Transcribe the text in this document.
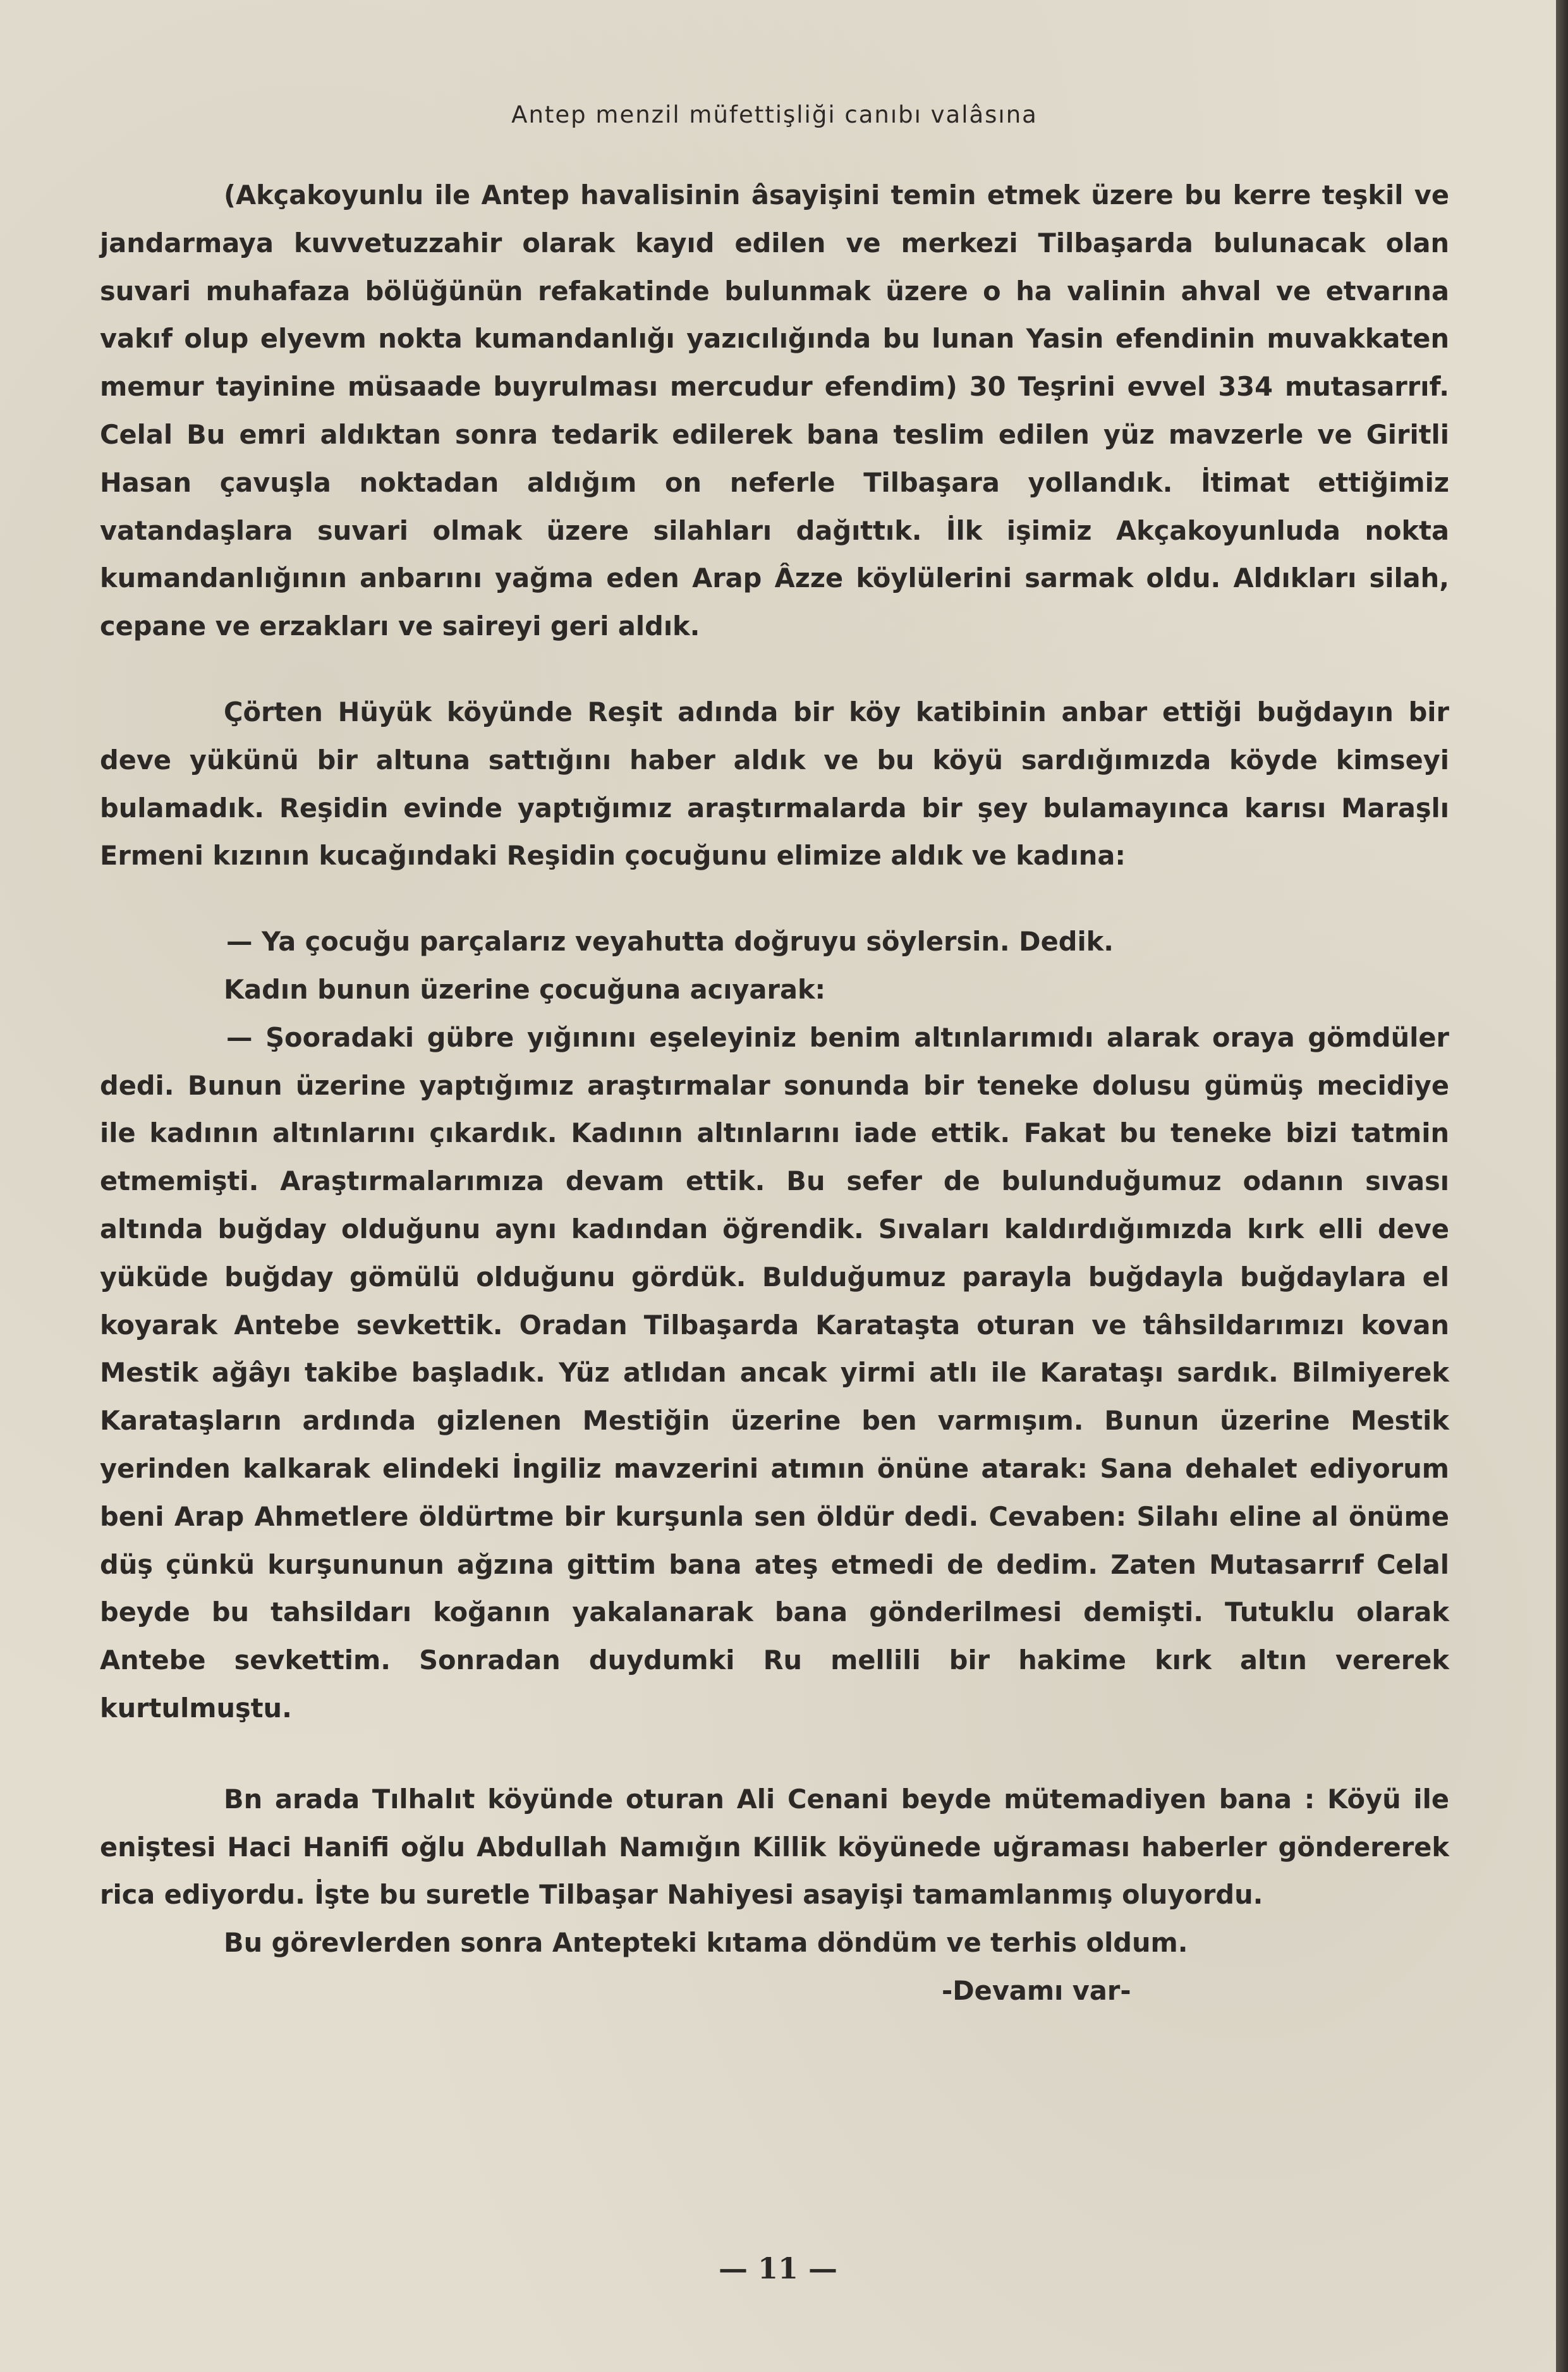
Antep menzil müfettişliği canıbı valâsına

(Akçakoyunlu ile Antep havalisinin âsayişini temin etmek üzere bu kerre teşkil ve jandarmaya kuvvetuzzahir olarak kayıd edilen ve merkezi Tilbaşarda bulunacak olan suvari muhafaza bölüğünün refakatinde bulunmak üzere o ha valinin ahval ve etvarına vakıf olup elyevm nokta kumandanlığı yazıcılığında bu lunan Yasin efendinin muvakkaten memur tayinine müsaade buyrulması mercudur efendim) 30 Teşrini evvel 334 mutasarrıf. Celal Bu emri aldıktan sonra tedarik edilerek bana teslim edilen yüz mavzerle ve Giritli Hasan çavuşla noktadan aldığım on neferle Tilbaşara yollandık. İtimat ettiğimiz vatandaşlara suvari olmak üzere silahları dağıttık. İlk işimiz Akçakoyunluda nokta kumandanlığının anbarını yağma eden Arap Âzze köylülerini sarmak oldu. Aldıkları silah, cepane ve erzakları ve saireyi geri aldık.

Çörten Hüyük köyünde Reşit adında bir köy katibinin anbar ettiği buğdayın bir deve yükünü bir altuna sattığını haber aldık ve bu köyü sardığımızda köyde kimseyi bulamadık. Reşidin evinde yaptığımız araştırmalarda bir şey bulamayınca karısı Maraşlı Ermeni kızının kucağındaki Reşidin çocuğunu elimize aldık ve kadına:

— Ya çocuğu parçalarız veyahutta doğruyu söylersin. Dedik.

Kadın bunun üzerine çocuğuna acıyarak:

— Şooradaki gübre yığınını eşeleyiniz benim altınlarımıdı alarak oraya gömdüler dedi. Bunun üzerine yaptığımız araştırmalar sonunda bir teneke dolusu gümüş mecidiye ile kadının altınlarını çıkardık. Kadının altınlarını iade ettik. Fakat bu teneke bizi tatmin etmemişti. Araştırmalarımıza devam ettik. Bu sefer de bulunduğumuz odanın sıvası altında buğday olduğunu aynı kadından öğrendik. Sıvaları kaldırdığımızda kırk elli deve yüküde buğday gömülü olduğunu gördük. Bulduğumuz parayla buğdayla buğdaylara el koyarak Antebe sevkettik. Oradan Tilbaşarda Karataşta oturan ve tâhsildarımızı kovan Mestik ağâyı takibe başladık. Yüz atlıdan ancak yirmi atlı ile Karataşı sardık. Bilmiyerek Karataşların ardında gizlenen Mestiğin üzerine ben varmışım. Bunun üzerine Mestik yerinden kalkarak elindeki İngiliz mavzerini atımın önüne atarak: Sana dehalet ediyorum beni Arap Ahmetlere öldürtme bir kurşunla sen öldür dedi. Cevaben: Silahı eline al önüme düş çünkü kurşununun ağzına gittim bana ateş etmedi de dedim. Zaten Mutasarrıf Celal beyde bu tahsildarı koğanın yakalanarak bana gönderilmesi demişti. Tutuklu olarak Antebe sevkettim. Sonradan duydumki Ru mellili bir hakime kırk altın vererek kurtulmuştu.

Bn arada Tılhalıt köyünde oturan Ali Cenani beyde mütemadiyen bana : Köyü ile eniştesi Haci Hanifi oğlu Abdullah Namığın Killik köyünede uğraması haberler göndererek rica ediyordu. İşte bu suretle Tilbaşar Nahiyesi asayişi tamamlanmış oluyordu.

Bu görevlerden sonra Antepteki kıtama döndüm ve terhis oldum.

-Devamı var-

— 11 —
